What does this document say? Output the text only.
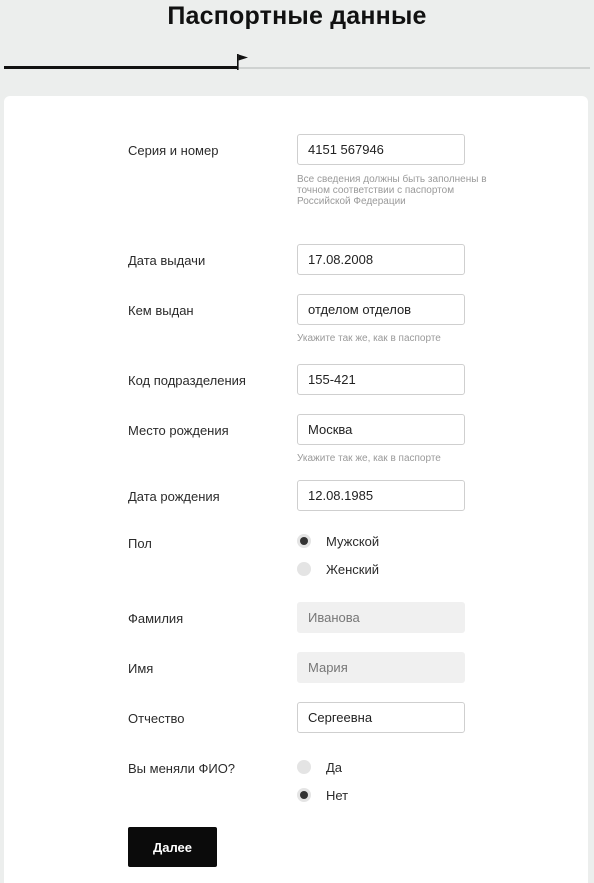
Паспортные данные
Серия и номер
4151 567946
Все сведения должны быть заполнены в точном соответствии с паспортом Российской Федерации
Дата выдачи
17.08.2008
Кем выдан
отделом отделов
Укажите так же, как в паспорте
Код подразделения
155-421
Место рождения
Москва
Укажите так же, как в паспорте
Дата рождения
12.08.1985
Пол	Мужской
Женский
Фамилия
Иванова
Имя
Мария
Отчество
Сергеевна
Вы меняли ФИО?	Да
Нет
Далее
